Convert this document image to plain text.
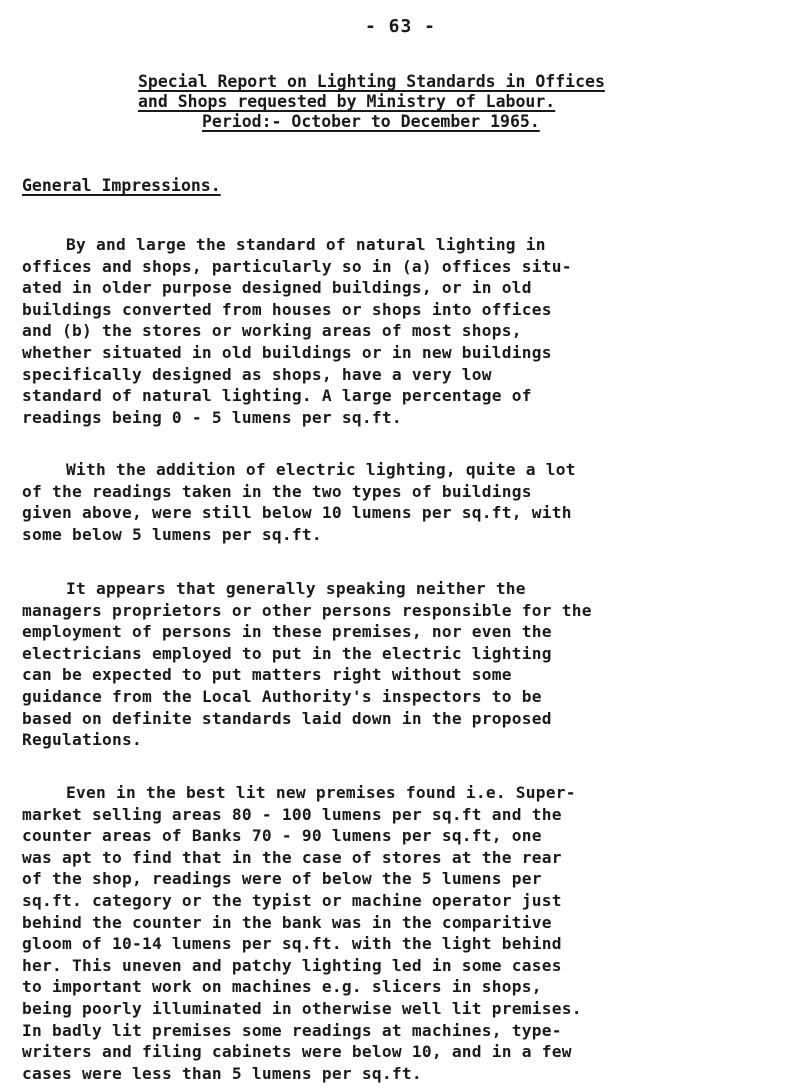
- 63 -
Special Report on Lighting Standards in Offices
and Shops requested by Ministry of Labour.
Period:- October to December 1965.
General Impressions.
By and large the standard of natural lighting in
offices and shops, particularly so in (a) offices situ-
ated in older purpose designed buildings, or in old
buildings converted from houses or shops into offices
and (b) the stores or working areas of most shops,
whether situated in old buildings or in new buildings
specifically designed as shops, have a very low
standard of natural lighting. A large percentage of
readings being 0 - 5 lumens per sq.ft.
With the addition of electric lighting, quite a lot
of the readings taken in the two types of buildings
given above, were still below 10 lumens per sq.ft, with
some below 5 lumens per sq.ft.
It appears that generally speaking neither the
managers proprietors or other persons responsible for the
employment of persons in these premises, nor even the
electricians employed to put in the electric lighting
can be expected to put matters right without some
guidance from the Local Authority's inspectors to be
based on definite standards laid down in the proposed
Regulations.
Even in the best lit new premises found i.e. Super-
market selling areas 80 - 100 lumens per sq.ft and the
counter areas of Banks 70 - 90 lumens per sq.ft, one
was apt to find that in the case of stores at the rear
of the shop, readings were of below the 5 lumens per
sq.ft. category or the typist or machine operator just
behind the counter in the bank was in the comparitive
gloom of 10-14 lumens per sq.ft. with the light behind
her. This uneven and patchy lighting led in some cases
to important work on machines e.g. slicers in shops,
being poorly illuminated in otherwise well lit premises.
In badly lit premises some readings at machines, type-
writers and filing cabinets were below 10, and in a few
cases were less than 5 lumens per sq.ft.
